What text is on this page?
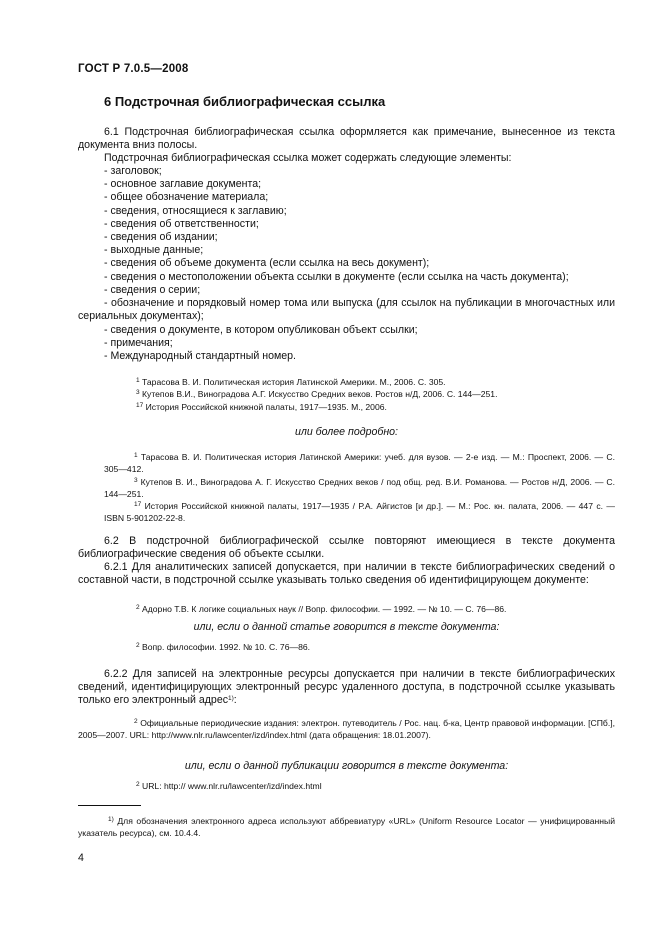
ГОСТ Р 7.0.5—2008
6 Подстрочная библиографическая ссылка

6.1 Подстрочная библиографическая ссылка оформляется как примечание, вынесенное из текста документа вниз полосы.

Подстрочная библиографическая ссылка может содержать следующие элементы:

- заголовок;
- основное заглавие документа;
- общее обозначение материала;
- сведения, относящиеся к заглавию;
- сведения об ответственности;
- сведения об издании;
- выходные данные;
- сведения об объеме документа (если ссылка на весь документ);
- сведения о местоположении объекта ссылки в документе (если ссылка на часть документа);
- сведения о серии;

- обозначение и порядковый номер тома или выпуска (для ссылок на публикации в многочастных или сериальных документах);

- сведения о документе, в котором опубликован объект ссылки;
- примечания;
- Международный стандартный номер.
$^1$ Тарасова В. И. Политическая история Латинской Америки. М., 2006. С. 305.
$^3$ Кутепов В.И., Виноградова А.Г. Искусство Средних веков. Ростов н/Д, 2006. С. 144—251.
$^{17}$ История Российской книжной палаты, 1917—1935. М., 2006.
или более подробно:
$^1$ Тарасова В. И. Политическая история Латинской Америки: учеб. для вузов. — 2-е изд. — М.: Проспект, 2006. — С. 305—412.
$^3$ Кутепов В. И., Виноградова А. Г. Искусство Средних веков / под общ. ред. В.И. Романова. — Ростов н/Д, 2006. — С. 144—251.
$^{17}$ История Российской книжной палаты, 1917—1935 / Р.А. Айгистов [и др.]. — М.: Рос. кн. палата, 2006. — 447 с. — ISBN 5-901202-22-8.

6.2 В подстрочной библиографической ссылке повторяют имеющиеся в тексте документа библиографические сведения об объекте ссылки.

6.2.1 Для аналитических записей допускается, при наличии в тексте библиографических сведений о составной части, в подстрочной ссылке указывать только сведения об идентифицирующем документе:

$^2$ Адорно Т.В. К логике социальных наук // Вопр. философии. — 1992. — № 10. — С. 76—86.
или, если о данной статье говорится в тексте документа:
$^2$ Вопр. философии. 1992. № 10. С. 76—86.

6.2.2 Для записей на электронные ресурсы допускается при наличии в тексте библиографических сведений, идентифицирующих электронный ресурс удаленного доступа, в подстрочной ссылке указывать только его электронный адрес$^{1)}$:

$^2$ Официальные периодические издания: электрон. путеводитель / Рос. нац. б-ка, Центр правовой информации. [СПб.], 2005—2007. URL: http://www.nlr.ru/lawcenter/izd/index.html (дата обращения: 18.01.2007).
или, если о данной публикации говорится в тексте документа:
$^2$ URL: http:// www.nlr.ru/lawcenter/izd/index.html

$^{1)}$ Для обозначения электронного адреса используют аббревиатуру «URL» (Uniform Resource Locator — унифицированный указатель ресурса), см. 10.4.4.

4
